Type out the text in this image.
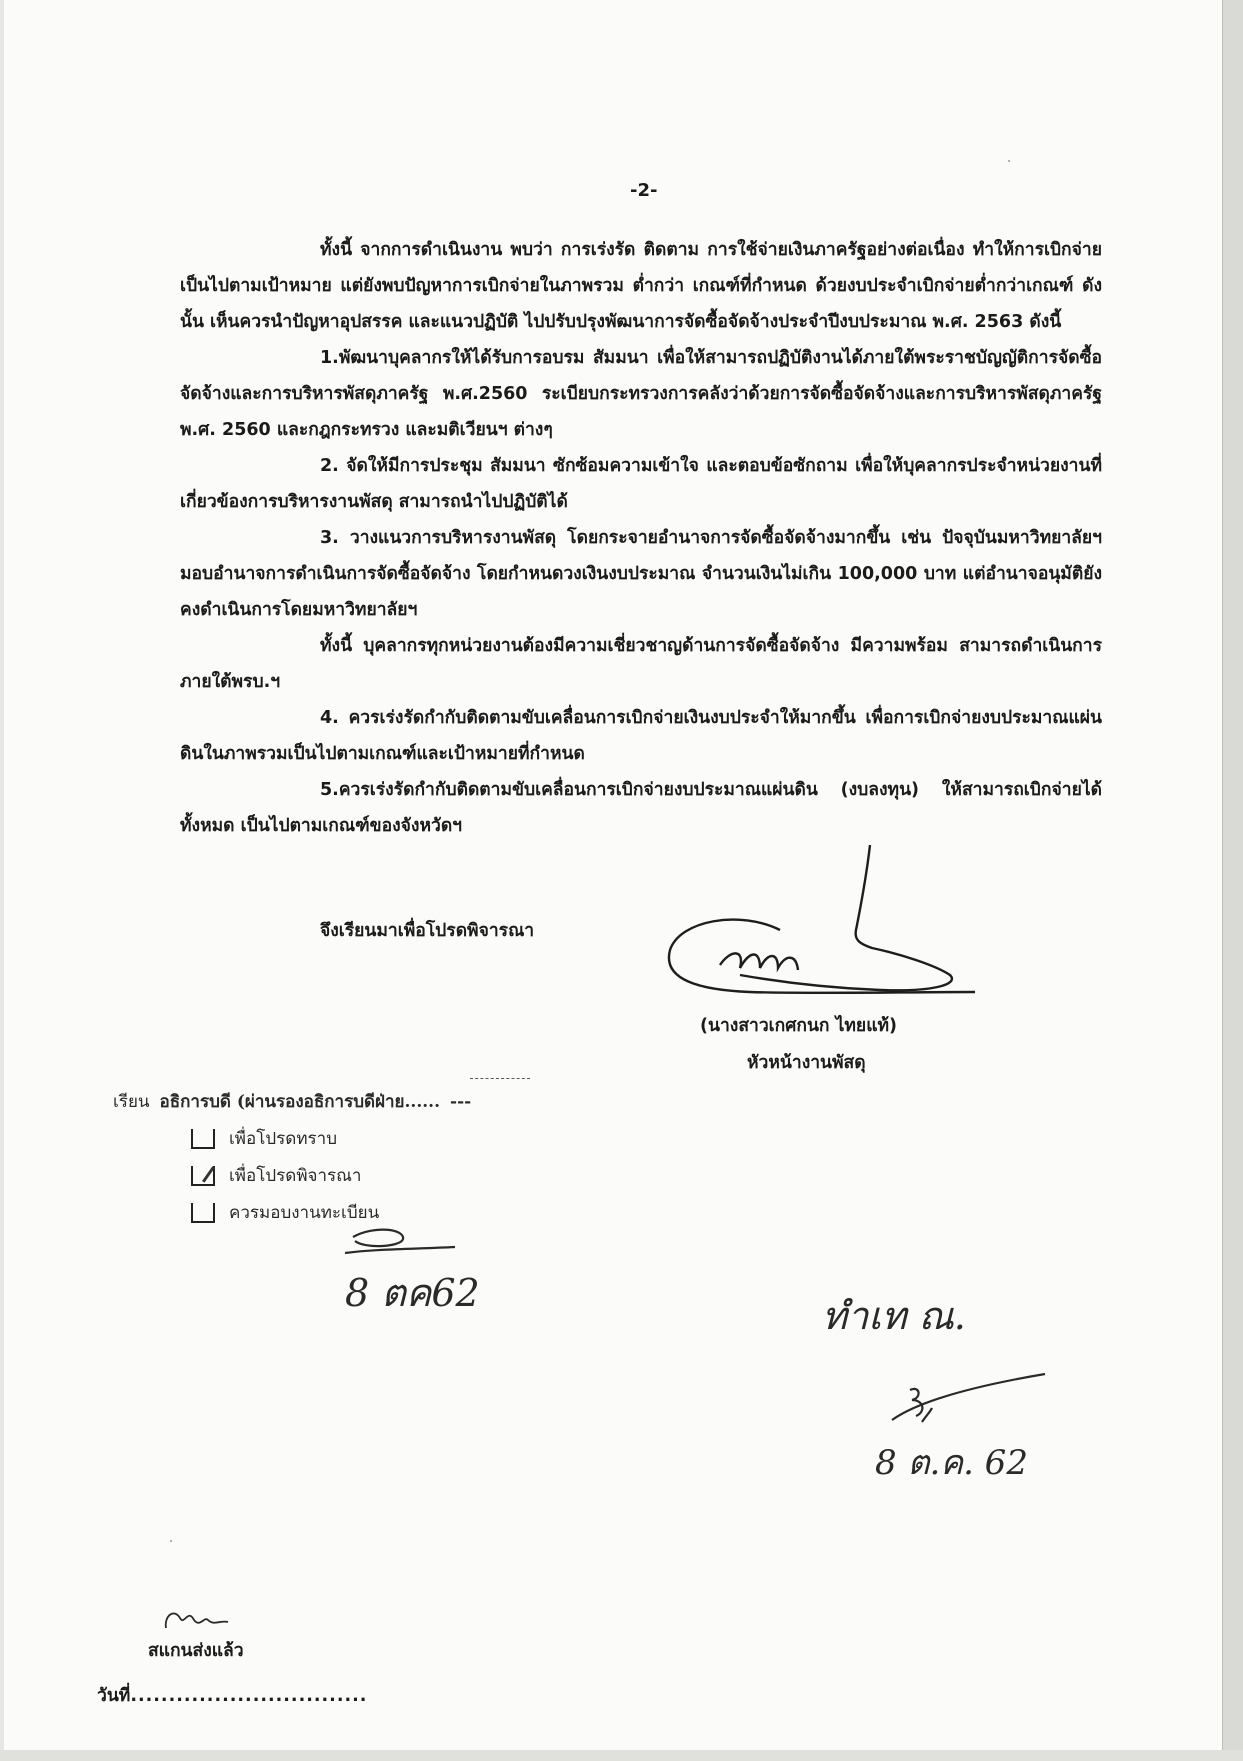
-2-

ทั้งนี้ จากการดำเนินงาน พบว่า การเร่งรัด ติดตาม การใช้จ่ายเงินภาครัฐอย่างต่อเนื่อง ทำให้การเบิกจ่ายเป็นไปตามเป้าหมาย แต่ยังพบปัญหาการเบิกจ่ายในภาพรวม ต่ำกว่า เกณฑ์ที่กำหนด ด้วยงบประจำเบิกจ่ายต่ำกว่าเกณฑ์ ดังนั้น เห็นควรนำปัญหาอุปสรรค และแนวปฏิบัติ ไปปรับปรุงพัฒนาการจัดซื้อจัดจ้างประจำปีงบประมาณ พ.ศ. 2563 ดังนี้

1.พัฒนาบุคลากรให้ได้รับการอบรม สัมมนา เพื่อให้สามารถปฏิบัติงานได้ภายใต้พระราชบัญญัติการจัดซื้อจัดจ้างและการบริหารพัสดุภาครัฐ พ.ศ.2560 ระเบียบกระทรวงการคลังว่าด้วยการจัดซื้อจัดจ้างและการบริหารพัสดุภาครัฐ พ.ศ. 2560 และกฎกระทรวง และมติเวียนฯ ต่างๆ

2. จัดให้มีการประชุม สัมมนา ซักซ้อมความเข้าใจ และตอบข้อซักถาม เพื่อให้บุคลากรประจำหน่วยงานที่เกี่ยวข้องการบริหารงานพัสดุ สามารถนำไปปฏิบัติได้

3. วางแนวการบริหารงานพัสดุ โดยกระจายอำนาจการจัดซื้อจัดจ้างมากขึ้น เช่น ปัจจุบันมหาวิทยาลัยฯ มอบอำนาจการดำเนินการจัดซื้อจัดจ้าง โดยกำหนดวงเงินงบประมาณ จำนวนเงินไม่เกิน 100,000 บาท แต่อำนาจอนุมัติยังคงดำเนินการโดยมหาวิทยาลัยฯ

ทั้งนี้ บุคลากรทุกหน่วยงานต้องมีความเชี่ยวชาญด้านการจัดซื้อจัดจ้าง มีความพร้อม สามารถดำเนินการภายใต้พรบ.ฯ

4. ควรเร่งรัดกำกับติดตามขับเคลื่อนการเบิกจ่ายเงินงบประจำให้มากขึ้น เพื่อการเบิกจ่ายงบประมาณแผ่นดินในภาพรวมเป็นไปตามเกณฑ์และเป้าหมายที่กำหนด

5.ควรเร่งรัดกำกับติดตามขับเคลื่อนการเบิกจ่ายงบประมาณแผ่นดิน (งบลงทุน) ให้สามารถเบิกจ่ายได้ทั้งหมด เป็นไปตามเกณฑ์ของจังหวัดฯ

จึงเรียนมาเพื่อโปรดพิจารณา
(นางสาวเกศกนก ไทยแท้)
หัวหน้างานพัสดุ
เรียน อธิการบดี (ผ่านรองอธิการบดีฝ่าย...... ---
เพื่อโปรดทราบ
เพื่อโปรดพิจารณา
ควรมอบงานทะเบียน
8 ตค62
ทำเท ณ.
8 ต.ค. 62
สแกนส่งแล้ว
วันที่...............................
